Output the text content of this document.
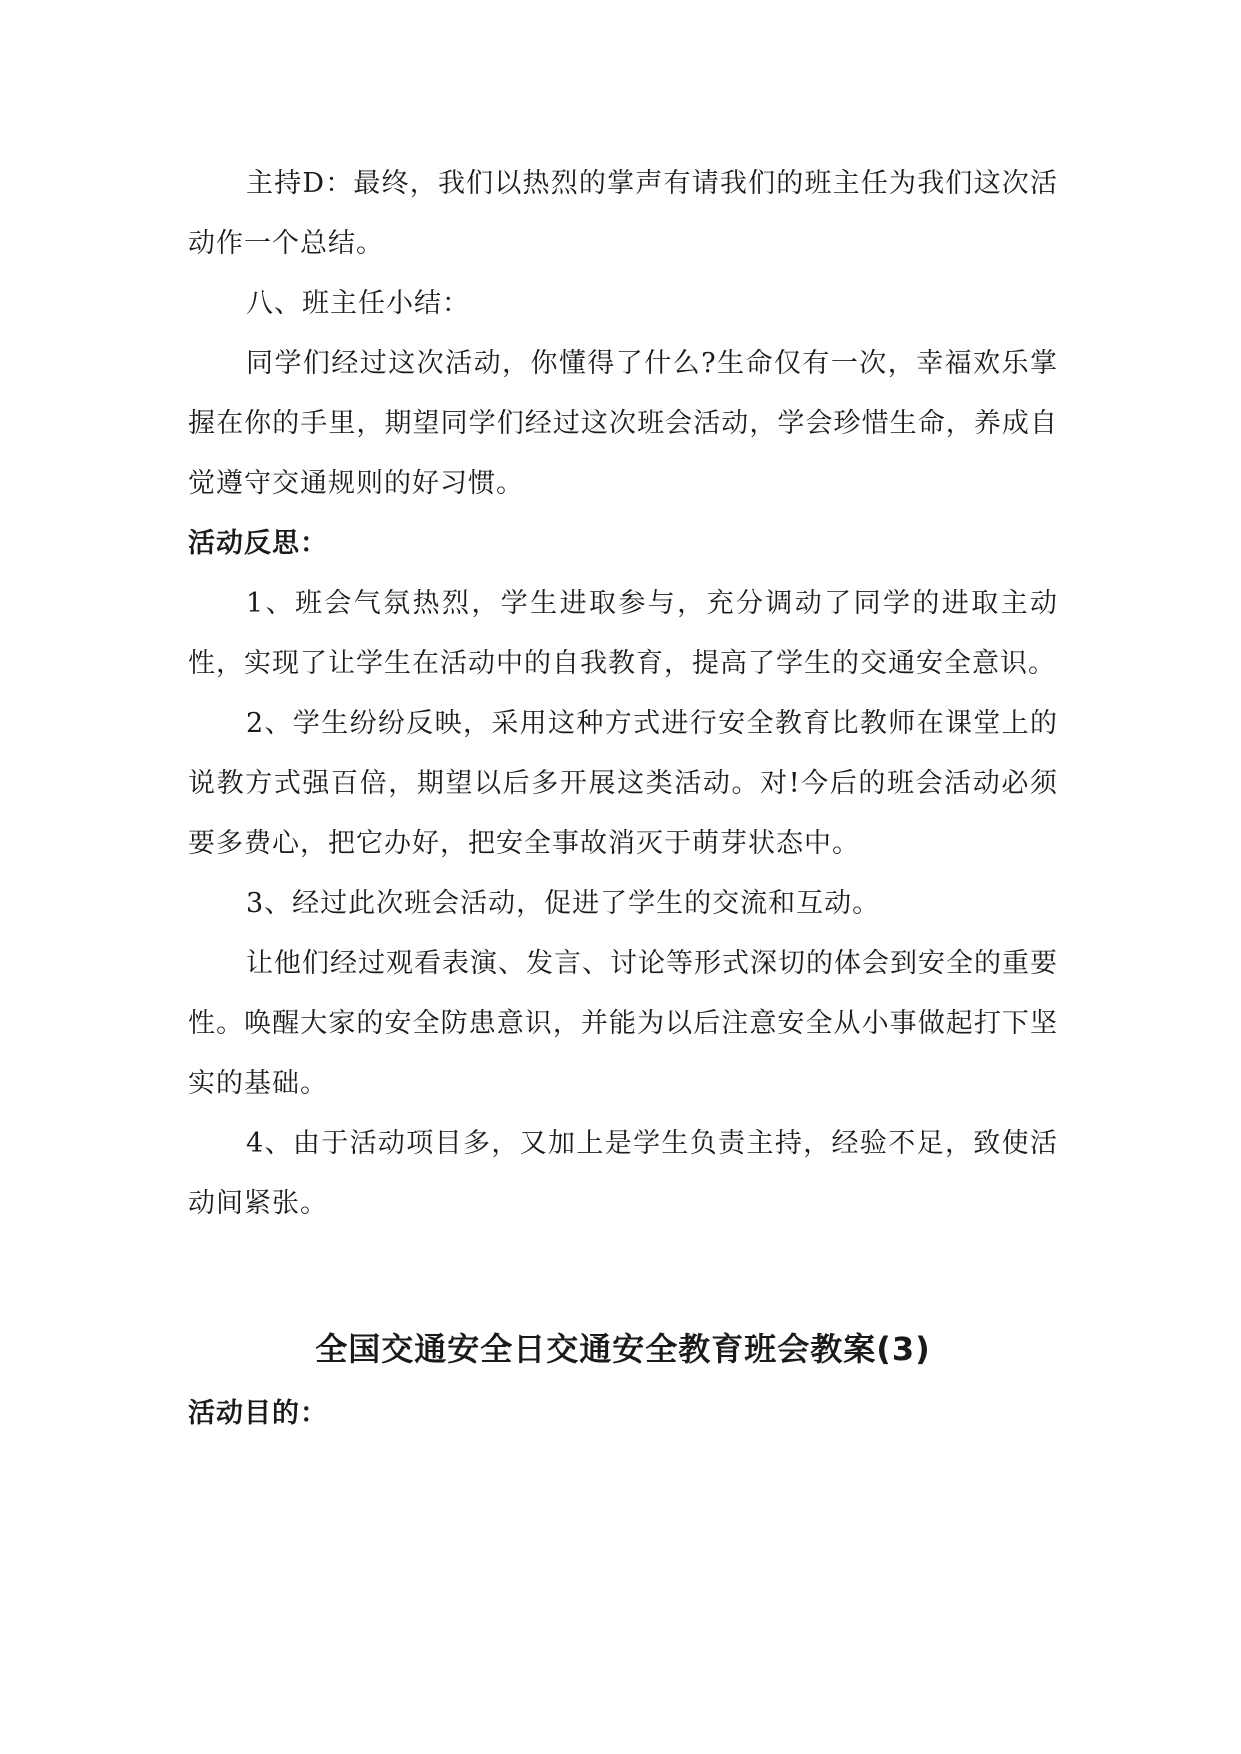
主持D：最终，我们以热烈的掌声有请我们的班主任为我们这次活动作一个总结。

八、班主任小结：

同学们经过这次活动，你懂得了什么?生命仅有一次，幸福欢乐掌握在你的手里，期望同学们经过这次班会活动，学会珍惜生命，养成自觉遵守交通规则的好习惯。

活动反思：

1、班会气氛热烈，学生进取参与，充分调动了同学的进取主动性，实现了让学生在活动中的自我教育，提高了学生的交通安全意识。

2、学生纷纷反映，采用这种方式进行安全教育比教师在课堂上的说教方式强百倍，期望以后多开展这类活动。对!今后的班会活动必须要多费心，把它办好，把安全事故消灭于萌芽状态中。

3、经过此次班会活动，促进了学生的交流和互动。

让他们经过观看表演、发言、讨论等形式深切的体会到安全的重要性。唤醒大家的安全防患意识，并能为以后注意安全从小事做起打下坚实的基础。

4、由于活动项目多，又加上是学生负责主持，经验不足，致使活动间紧张。

全国交通安全日交通安全教育班会教案(3)

活动目的：
